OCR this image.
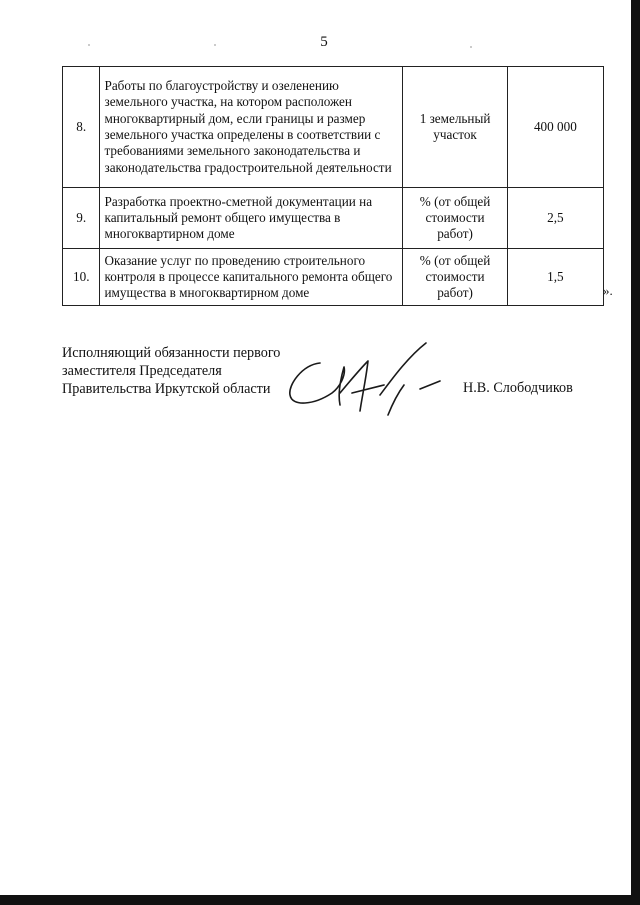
5
8.	Работы по благоустройству и озеленению земельного участка, на котором расположен многоквартирный дом, если границы и размер земельного участка определены в соответствии с требованиями земельного законодательства и законодательства градостроительной деятельности	1 земельный участок	400 000
9.	Разработка проектно-сметной документации на капитальный ремонт общего имущества в многоквартирном доме	% (от общей стоимости работ)	2,5
10.	Оказание услуг по проведению строительного контроля в процессе капитального ремонта общего имущества в многоквартирном доме	% (от общей стоимости работ)	1,5
».
Исполняющий обязанности первого
заместителя Председателя
Правительства Иркутской области	Н.В. Слободчиков
